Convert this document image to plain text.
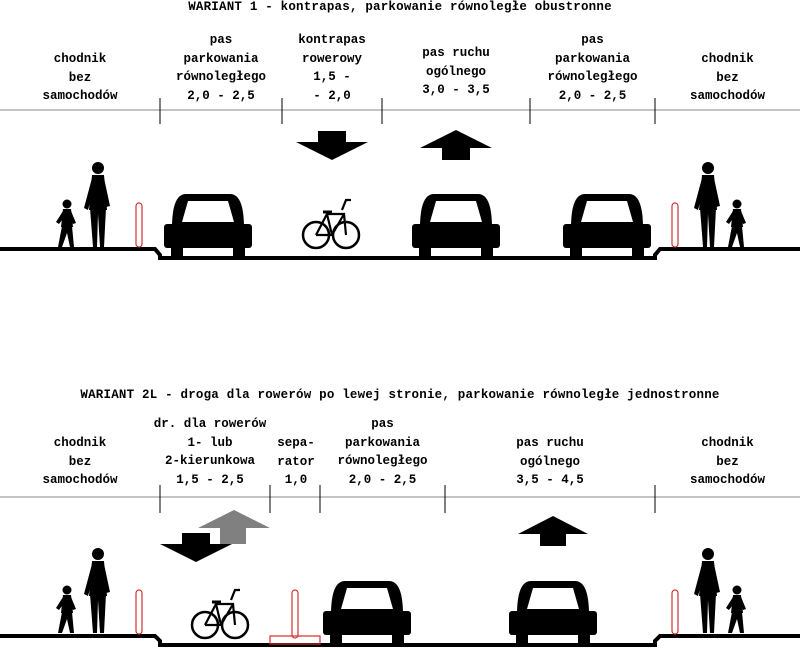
WARIANT 1 - kontrapas, parkowanie równoległe obustronne
chodnik
bez
samochodów
pas
parkowania
równoległego
2,0 - 2,5
kontrapas
rowerowy
1,5 -
- 2,0
pas ruchu
ogólnego
3,0 - 3,5
pas
parkowania
równoległego
2,0 - 2,5
chodnik
bez
samochodów
WARIANT 2L - droga dla rowerów po lewej stronie, parkowanie równoległe jednostronne
chodnik
bez
samochodów
dr. dla rowerów
1- lub
2-kierunkowa
1,5 - 2,5
sepa-
rator
1,0
pas
parkowania
równoległego
2,0 - 2,5
pas ruchu
ogólnego
3,5 - 4,5
chodnik
bez
samochodów
